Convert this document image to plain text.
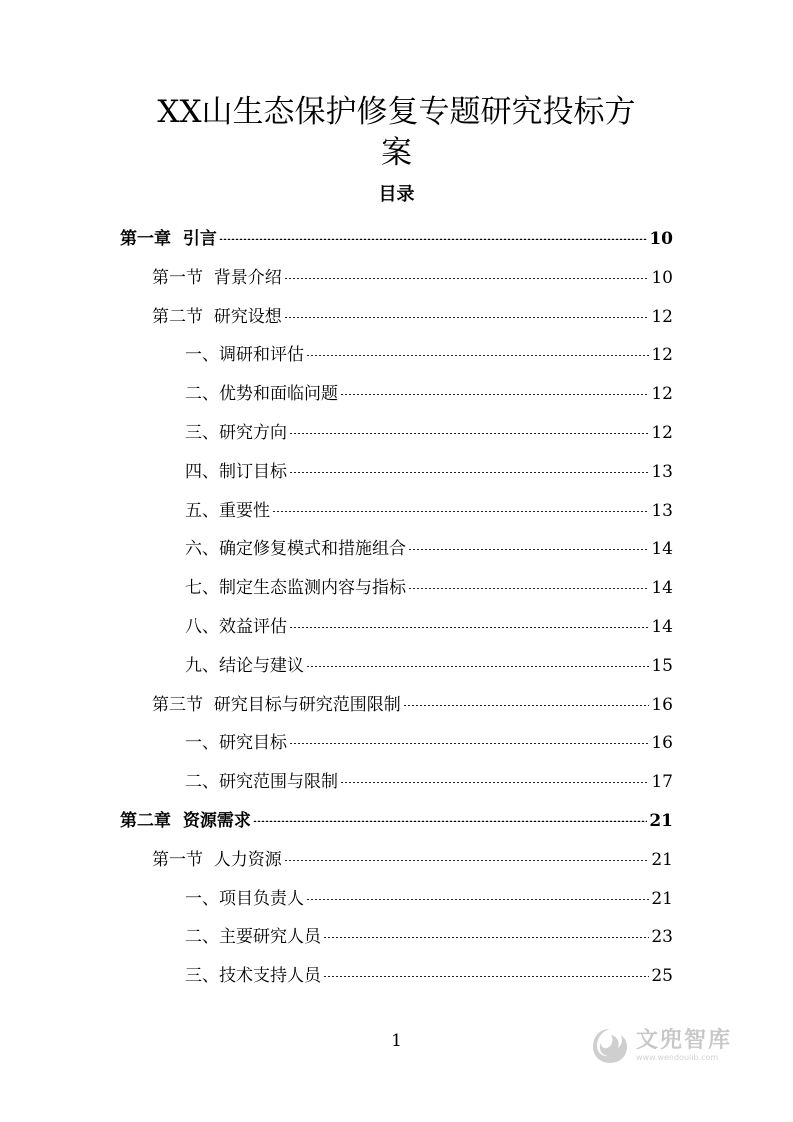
XX山生态保护修复专题研究投标方
案
目录
第一章  引言	10
第一节  背景介绍	10
第二节  研究设想	12
一、调研和评估	12
二、优势和面临问题	12
三、研究方向	12
四、制订目标	13
五、重要性	13
六、确定修复模式和措施组合	14
七、制定生态监测内容与指标	14
八、效益评估	14
九、结论与建议	15
第三节  研究目标与研究范围限制	16
一、研究目标	16
二、研究范围与限制	17
第二章  资源需求	21
第一节  人力资源	21
一、项目负责人	21
二、主要研究人员	23
三、技术支持人员	25
1	文兜智库
www.wendoulib.com
